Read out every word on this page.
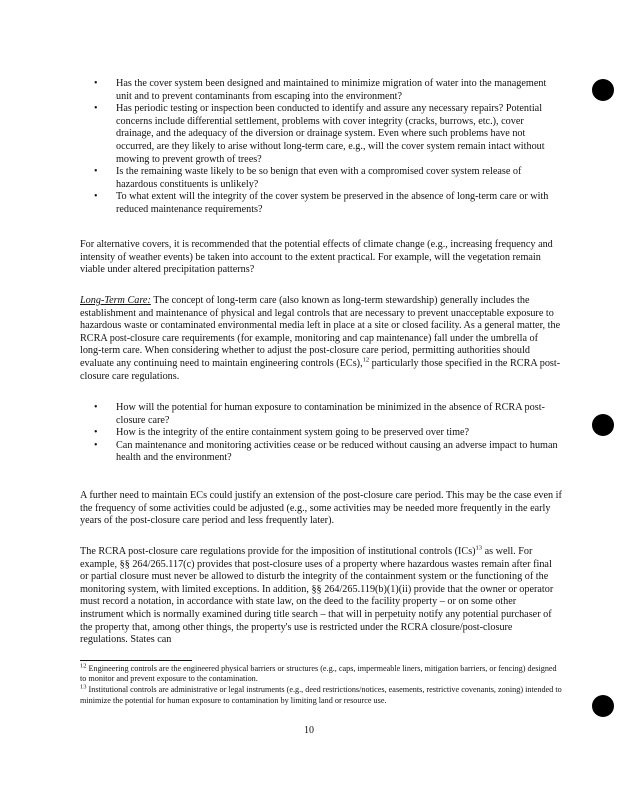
• Has the cover system been designed and maintained to minimize migration of water into the management unit and to prevent contaminants from escaping into the environment?
• Has periodic testing or inspection been conducted to identify and assure any necessary repairs? Potential concerns include differential settlement, problems with cover integrity (cracks, burrows, etc.), cover drainage, and the adequacy of the diversion or drainage system. Even where such problems have not occurred, are they likely to arise without long-term care, e.g., will the cover system remain intact without mowing to prevent growth of trees?
• Is the remaining waste likely to be so benign that even with a compromised cover system release of hazardous constituents is unlikely?
• To what extent will the integrity of the cover system be preserved in the absence of long-term care or with reduced maintenance requirements?

For alternative covers, it is recommended that the potential effects of climate change (e.g., increasing frequency and intensity of weather events) be taken into account to the extent practical. For example, will the vegetation remain viable under altered precipitation patterns?

Long-Term Care: The concept of long-term care (also known as long-term stewardship) generally includes the establishment and maintenance of physical and legal controls that are necessary to prevent unacceptable exposure to hazardous waste or contaminated environmental media left in place at a site or closed facility. As a general matter, the RCRA post-closure care requirements (for example, monitoring and cap maintenance) fall under the umbrella of long-term care. When considering whether to adjust the post-closure care period, permitting authorities should evaluate any continuing need to maintain engineering controls (ECs),$^{12}$ particularly those specified in the RCRA post-closure care regulations.

• How will the potential for human exposure to contamination be minimized in the absence of RCRA post-closure care?
• How is the integrity of the entire containment system going to be preserved over time?
• Can maintenance and monitoring activities cease or be reduced without causing an adverse impact to human health and the environment?

A further need to maintain ECs could justify an extension of the post-closure care period. This may be the case even if the frequency of some activities could be adjusted (e.g., some activities may be needed more frequently in the early years of the post-closure care period and less frequently later).

The RCRA post-closure care regulations provide for the imposition of institutional controls (ICs)$^{13}$ as well. For example, §§ 264/265.117(c) provides that post-closure uses of a property where hazardous wastes remain after final or partial closure must never be allowed to disturb the integrity of the containment system or the functioning of the monitoring system, with limited exceptions. In addition, §§ 264/265.119(b)(1)(ii) provide that the owner or operator must record a notation, in accordance with state law, on the deed to the facility property – or on some other instrument which is normally examined during title search – that will in perpetuity notify any potential purchaser of the property that, among other things, the property's use is restricted under the RCRA closure/post-closure regulations. States can

$^{12}$ Engineering controls are the engineered physical barriers or structures (e.g., caps, impermeable liners, mitigation barriers, or fencing) designed to monitor and prevent exposure to the contamination.

$^{13}$ Institutional controls are administrative or legal instruments (e.g., deed restrictions/notices, easements, restrictive covenants, zoning) intended to minimize the potential for human exposure to contamination by limiting land or resource use.

10
